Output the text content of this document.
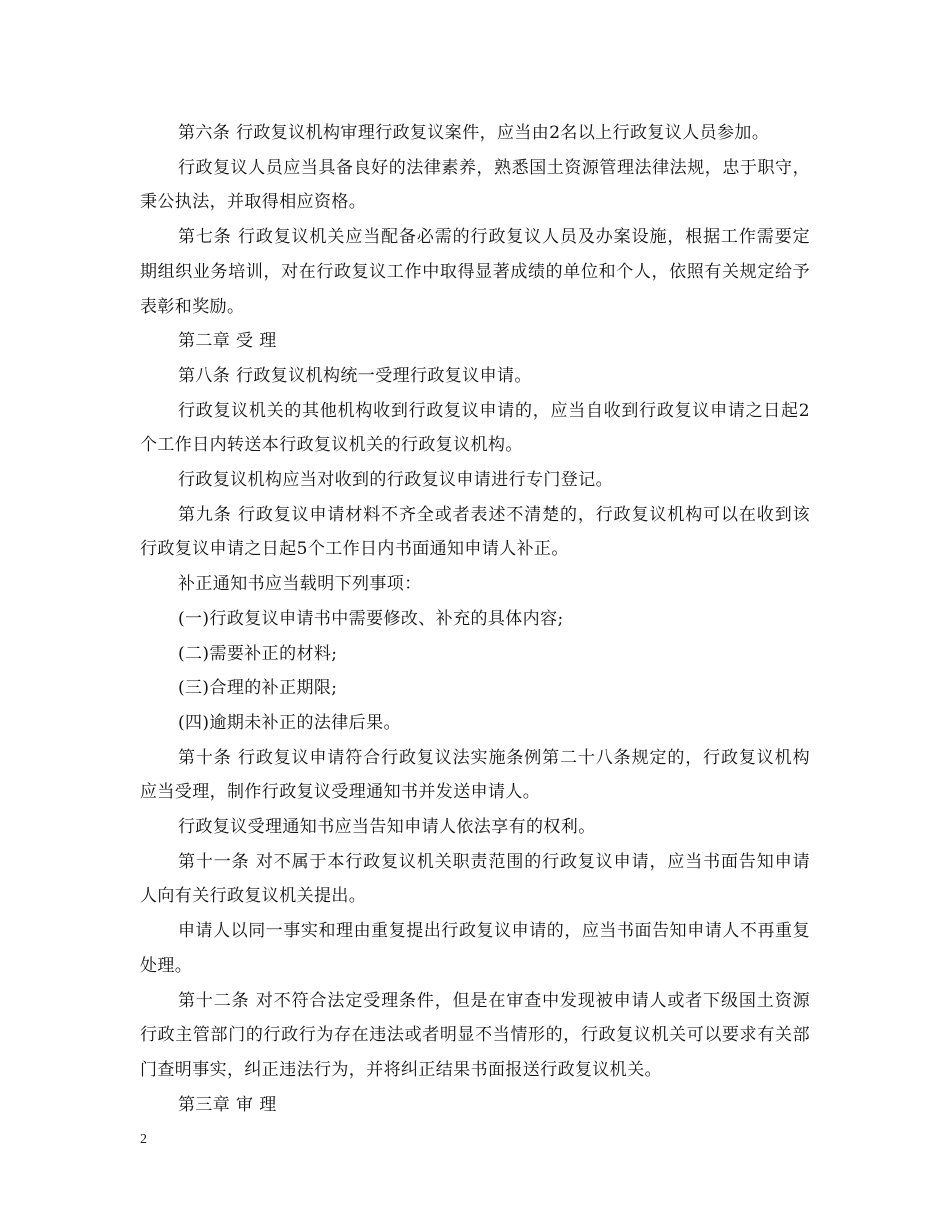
第六条 行政复议机构审理行政复议案件，应当由2名以上行政复议人员参加。

行政复议人员应当具备良好的法律素养，熟悉国土资源管理法律法规，忠于职守，秉公执法，并取得相应资格。

第七条 行政复议机关应当配备必需的行政复议人员及办案设施，根据工作需要定期组织业务培训，对在行政复议工作中取得显著成绩的单位和个人，依照有关规定给予表彰和奖励。

第二章 受 理

第八条 行政复议机构统一受理行政复议申请。

行政复议机关的其他机构收到行政复议申请的，应当自收到行政复议申请之日起2个工作日内转送本行政复议机关的行政复议机构。

行政复议机构应当对收到的行政复议申请进行专门登记。

第九条 行政复议申请材料不齐全或者表述不清楚的，行政复议机构可以在收到该行政复议申请之日起5个工作日内书面通知申请人补正。

补正通知书应当载明下列事项：

(一)行政复议申请书中需要修改、补充的具体内容;

(二)需要补正的材料;

(三)合理的补正期限;

(四)逾期未补正的法律后果。

第十条 行政复议申请符合行政复议法实施条例第二十八条规定的，行政复议机构应当受理，制作行政复议受理通知书并发送申请人。

行政复议受理通知书应当告知申请人依法享有的权利。

第十一条 对不属于本行政复议机关职责范围的行政复议申请，应当书面告知申请人向有关行政复议机关提出。

申请人以同一事实和理由重复提出行政复议申请的，应当书面告知申请人不再重复处理。

第十二条 对不符合法定受理条件，但是在审查中发现被申请人或者下级国土资源行政主管部门的行政行为存在违法或者明显不当情形的，行政复议机关可以要求有关部门查明事实，纠正违法行为，并将纠正结果书面报送行政复议机关。

第三章 审 理

2
